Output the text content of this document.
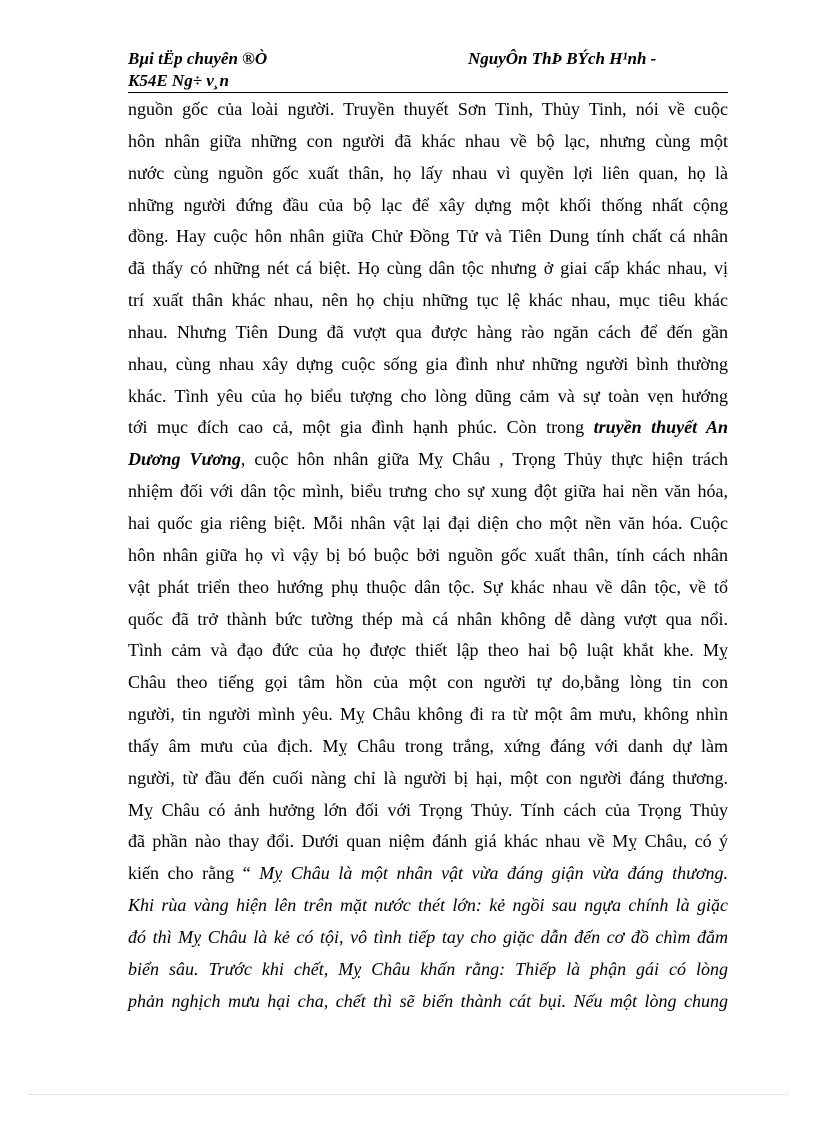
Bµi tËp chuyên ®Ò	NguyÔn ThÞ BÝch H¹nh -
K54E Ng÷ v¸n
nguồn gốc của loài người. Truyền thuyết Sơn Tinh, Thủy Tinh, nói về cuộc
hôn nhân giữa những con người đã khác nhau về bộ lạc, nhưng cùng một
nước cùng nguồn gốc xuất thân, họ lấy nhau vì quyền lợi liên quan, họ là
những người đứng đầu của bộ lạc để xây dựng một khối thống nhất cộng
đồng. Hay cuộc hôn nhân giữa Chử Đồng Tử và Tiên Dung tính chất cá nhân
đã thấy có những nét cá biệt. Họ cùng dân tộc nhưng ở giai cấp khác nhau, vị
trí xuất thân khác nhau, nên họ chịu những tục lệ khác nhau, mục tiêu khác
nhau. Nhưng Tiên Dung đã vượt qua được hàng rào ngăn cách để đến gần
nhau, cùng nhau xây dựng cuộc sống gia đình như những người bình thường
khác. Tình yêu của họ biểu tượng cho lòng dũng cảm và sự toàn vẹn hướng
tới mục đích cao cả, một gia đình hạnh phúc. Còn trong truyền thuyết An
Dương Vương, cuộc hôn nhân giữa Mỵ Châu , Trọng Thủy thực hiện trách
nhiệm đối với dân tộc mình, biểu trưng cho sự xung đột giữa hai nền văn hóa,
hai quốc gia riêng biệt. Mỗi nhân vật lại đại diện cho một nền văn hóa. Cuộc
hôn nhân giữa họ vì vậy bị bó buộc bởi nguồn gốc xuất thân, tính cách nhân
vật phát triển theo hướng phụ thuộc dân tộc. Sự khác nhau về dân tộc, về tổ
quốc đã trở thành bức tường thép mà cá nhân không dễ dàng vượt qua nổi.
Tình cảm và đạo đức của họ được thiết lập theo hai bộ luật khắt khe. Mỵ
Châu theo tiếng gọi tâm hồn của một con người tự do,bằng lòng tin con
người, tin người mình yêu. Mỵ Châu không đi ra từ một âm mưu, không nhìn
thấy âm mưu của địch. Mỵ Châu trong trắng, xứng đáng với danh dự làm
người, từ đầu đến cuối nàng chỉ là người bị hại, một con người đáng thương.
Mỵ Châu có ảnh hưởng lớn đối với Trọng Thủy. Tính cách của Trọng Thủy
đã phần nào thay đổi. Dưới quan niệm đánh giá khác nhau về Mỵ Châu, có ý
kiến cho rằng “ Mỵ Châu là một nhân vật vừa đáng giận vừa đáng thương.
Khi rùa vàng hiện lên trên mặt nước thét lớn: kẻ ngồi sau ngựa chính là giặc
đó thì Mỵ Châu là kẻ có tội, vô tình tiếp tay cho giặc dẫn đến cơ đồ chìm đắm
biển sâu. Trước khi chết, Mỵ Châu khấn rằng: Thiếp là phận gái có lòng
phản nghịch mưu hại cha, chết thì sẽ biến thành cát bụi. Nếu một lòng chung
